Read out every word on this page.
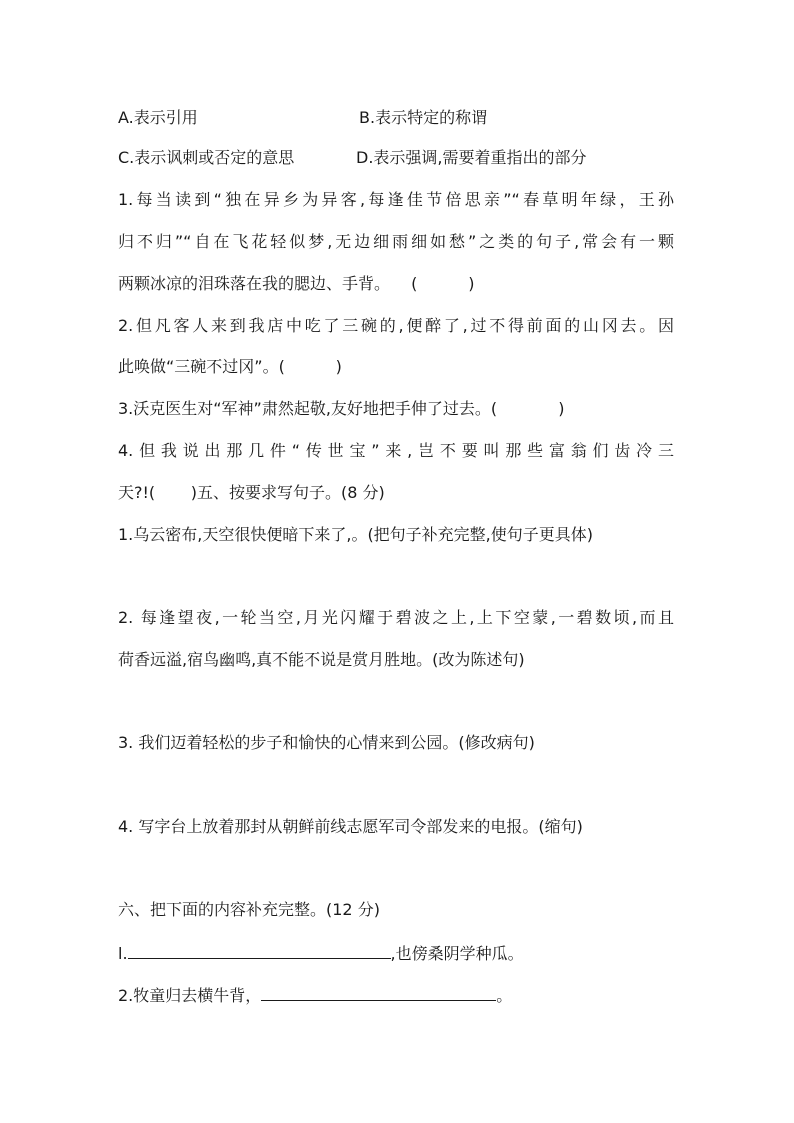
A.表示引用	B.表示特定的称谓
C.表示讽刺或否定的意思	D.表示强调,需要着重指出的部分
1.每当读到“独在异乡为异客,每逢佳节倍思亲”“春草明年绿，王孙
归不归”“自在飞花轻似梦,无边细雨细如愁”之类的句子,常会有一颗
两颗冰凉的泪珠落在我的腮边、手背。 (          )
2.但凡客人来到我店中吃了三碗的,便醉了,过不得前面的山冈去。因
此唤做“三碗不过冈”。(          )
3.沃克医生对“军神”肃然起敬,友好地把手伸了过去。(            )
4.但我说出那几件“传世宝”来,岂不要叫那些富翁们齿冷三
天?!(       )五、按要求写句子。(8 分)
1.乌云密布,天空很快便暗下来了,。(把句子补充完整,使句子更具体)
2. 每逢望夜,一轮当空,月光闪耀于碧波之上,上下空蒙,一碧数顷,而且
荷香远溢,宿鸟幽鸣,真不能不说是赏月胜地。(改为陈述句)
3. 我们迈着轻松的步子和愉快的心情来到公园。(修改病句)
4. 写字台上放着那封从朝鲜前线志愿军司令部发来的电报。(缩句)
六、把下面的内容补充完整。(12 分)
l.	,也傍桑阴学种瓜。
2.牧童归去横牛背，	。
